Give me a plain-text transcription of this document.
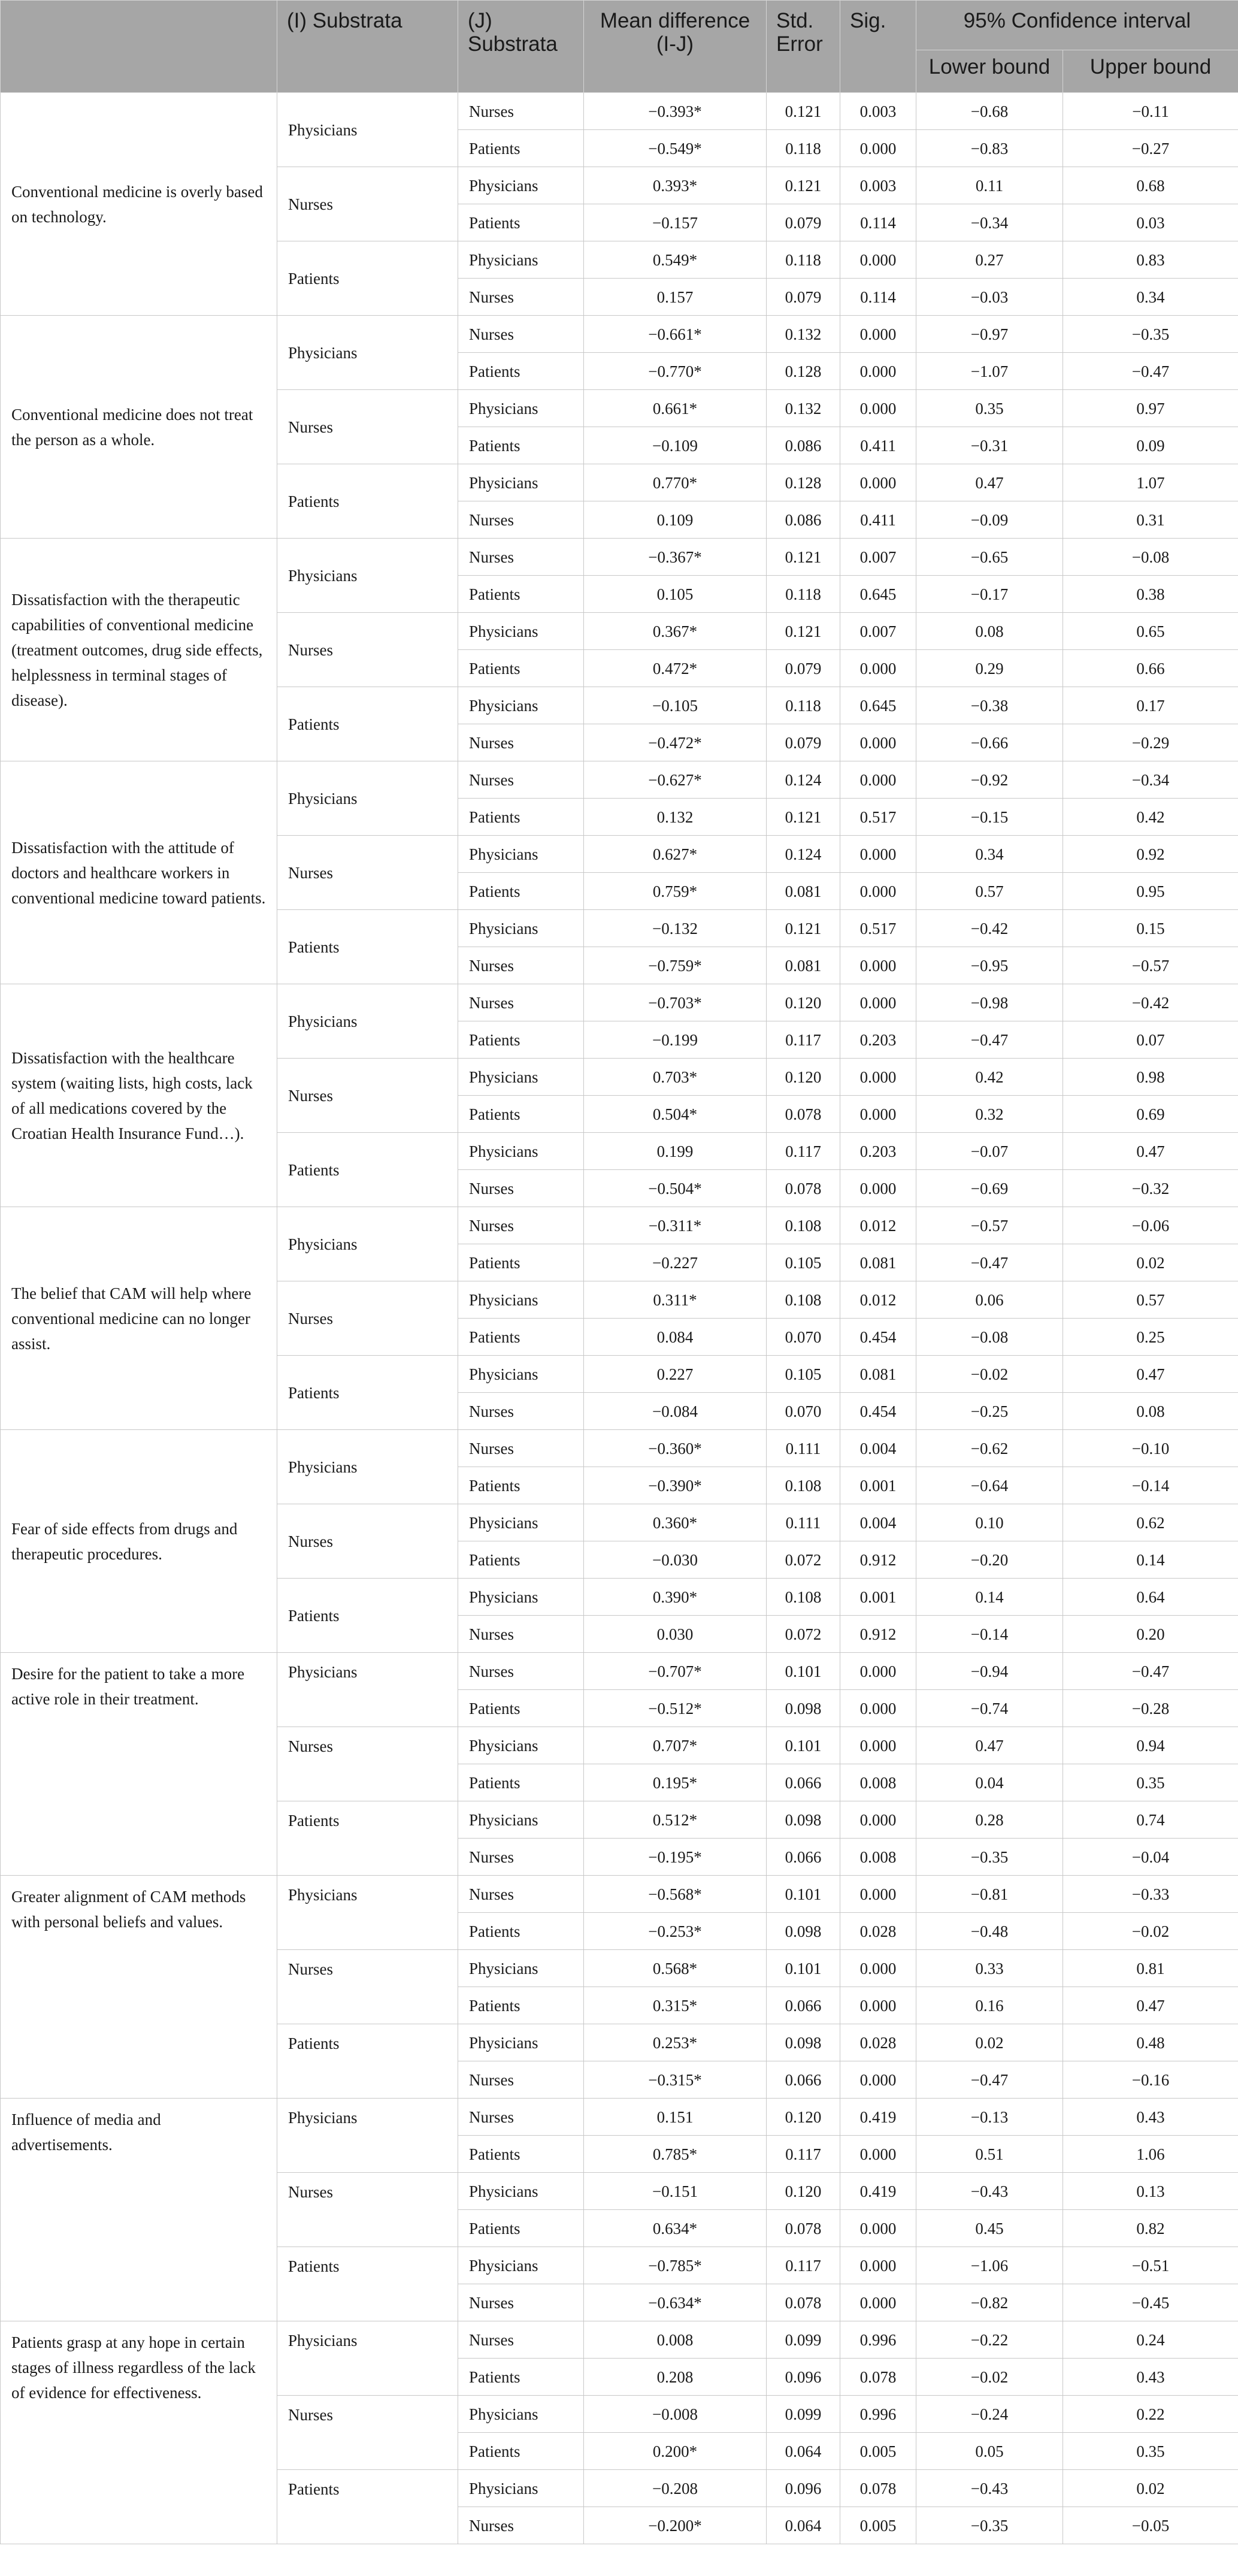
	(I) Substrata	(J) Substrata	Mean difference (I-J)	Std. Error	Sig.	95% Confidence interval	
						Lower bound	Upper bound
Conventional medicine is overly based on technology.	Physicians	Nurses	−0.393*	0.121	0.003	−0.68	−0.11
		Patients	−0.549*	0.118	0.000	−0.83	−0.27
	Nurses	Physicians	0.393*	0.121	0.003	0.11	0.68
		Patients	−0.157	0.079	0.114	−0.34	0.03
	Patients	Physicians	0.549*	0.118	0.000	0.27	0.83
		Nurses	0.157	0.079	0.114	−0.03	0.34
Conventional medicine does not treat the person as a whole.	Physicians	Nurses	−0.661*	0.132	0.000	−0.97	−0.35
		Patients	−0.770*	0.128	0.000	−1.07	−0.47
	Nurses	Physicians	0.661*	0.132	0.000	0.35	0.97
		Patients	−0.109	0.086	0.411	−0.31	0.09
	Patients	Physicians	0.770*	0.128	0.000	0.47	1.07
		Nurses	0.109	0.086	0.411	−0.09	0.31
Dissatisfaction with the therapeutic capabilities of conventional medicine (treatment outcomes, drug side effects, helplessness in terminal stages of disease).	Physicians	Nurses	−0.367*	0.121	0.007	−0.65	−0.08
		Patients	0.105	0.118	0.645	−0.17	0.38
	Nurses	Physicians	0.367*	0.121	0.007	0.08	0.65
		Patients	0.472*	0.079	0.000	0.29	0.66
	Patients	Physicians	−0.105	0.118	0.645	−0.38	0.17
		Nurses	−0.472*	0.079	0.000	−0.66	−0.29
Dissatisfaction with the attitude of doctors and healthcare workers in conventional medicine toward patients.	Physicians	Nurses	−0.627*	0.124	0.000	−0.92	−0.34
		Patients	0.132	0.121	0.517	−0.15	0.42
	Nurses	Physicians	0.627*	0.124	0.000	0.34	0.92
		Patients	0.759*	0.081	0.000	0.57	0.95
	Patients	Physicians	−0.132	0.121	0.517	−0.42	0.15
		Nurses	−0.759*	0.081	0.000	−0.95	−0.57
Dissatisfaction with the healthcare system (waiting lists, high costs, lack of all medications covered by the Croatian Health Insurance Fund…).	Physicians	Nurses	−0.703*	0.120	0.000	−0.98	−0.42
		Patients	−0.199	0.117	0.203	−0.47	0.07
	Nurses	Physicians	0.703*	0.120	0.000	0.42	0.98
		Patients	0.504*	0.078	0.000	0.32	0.69
	Patients	Physicians	0.199	0.117	0.203	−0.07	0.47
		Nurses	−0.504*	0.078	0.000	−0.69	−0.32
The belief that CAM will help where conventional medicine can no longer assist.	Physicians	Nurses	−0.311*	0.108	0.012	−0.57	−0.06
		Patients	−0.227	0.105	0.081	−0.47	0.02
	Nurses	Physicians	0.311*	0.108	0.012	0.06	0.57
		Patients	0.084	0.070	0.454	−0.08	0.25
	Patients	Physicians	0.227	0.105	0.081	−0.02	0.47
		Nurses	−0.084	0.070	0.454	−0.25	0.08
Fear of side effects from drugs and therapeutic procedures.	Physicians	Nurses	−0.360*	0.111	0.004	−0.62	−0.10
		Patients	−0.390*	0.108	0.001	−0.64	−0.14
	Nurses	Physicians	0.360*	0.111	0.004	0.10	0.62
		Patients	−0.030	0.072	0.912	−0.20	0.14
	Patients	Physicians	0.390*	0.108	0.001	0.14	0.64
		Nurses	0.030	0.072	0.912	−0.14	0.20
Desire for the patient to take a more active role in their treatment.	Physicians	Nurses	−0.707*	0.101	0.000	−0.94	−0.47
		Patients	−0.512*	0.098	0.000	−0.74	−0.28
	Nurses	Physicians	0.707*	0.101	0.000	0.47	0.94
		Patients	0.195*	0.066	0.008	0.04	0.35
	Patients	Physicians	0.512*	0.098	0.000	0.28	0.74
		Nurses	−0.195*	0.066	0.008	−0.35	−0.04
Greater alignment of CAM methods with personal beliefs and values.	Physicians	Nurses	−0.568*	0.101	0.000	−0.81	−0.33
		Patients	−0.253*	0.098	0.028	−0.48	−0.02
	Nurses	Physicians	0.568*	0.101	0.000	0.33	0.81
		Patients	0.315*	0.066	0.000	0.16	0.47
	Patients	Physicians	0.253*	0.098	0.028	0.02	0.48
		Nurses	−0.315*	0.066	0.000	−0.47	−0.16
Influence of media and advertisements.	Physicians	Nurses	0.151	0.120	0.419	−0.13	0.43
		Patients	0.785*	0.117	0.000	0.51	1.06
	Nurses	Physicians	−0.151	0.120	0.419	−0.43	0.13
		Patients	0.634*	0.078	0.000	0.45	0.82
	Patients	Physicians	−0.785*	0.117	0.000	−1.06	−0.51
		Nurses	−0.634*	0.078	0.000	−0.82	−0.45
Patients grasp at any hope in certain stages of illness regardless of the lack of evidence for effectiveness.	Physicians	Nurses	0.008	0.099	0.996	−0.22	0.24
		Patients	0.208	0.096	0.078	−0.02	0.43
	Nurses	Physicians	−0.008	0.099	0.996	−0.24	0.22
		Patients	0.200*	0.064	0.005	0.05	0.35
	Patients	Physicians	−0.208	0.096	0.078	−0.43	0.02
		Nurses	−0.200*	0.064	0.005	−0.35	−0.05
